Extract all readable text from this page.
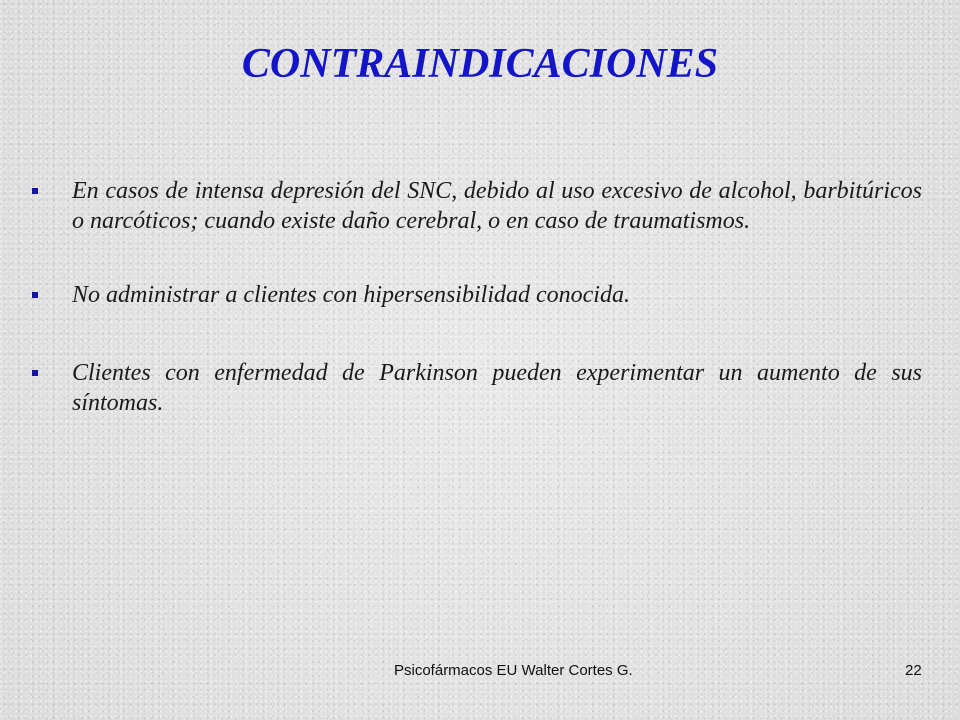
CONTRAINDICACIONES
En casos de intensa depresión del SNC, debido al uso excesivo de alcohol, barbitúricos o narcóticos; cuando existe daño cerebral, o en caso de traumatismos.
No administrar a clientes con hipersensibilidad conocida.
Clientes con enfermedad de Parkinson pueden experimentar un aumento de sus síntomas.
Psicofármacos EU Walter Cortes G.	22
